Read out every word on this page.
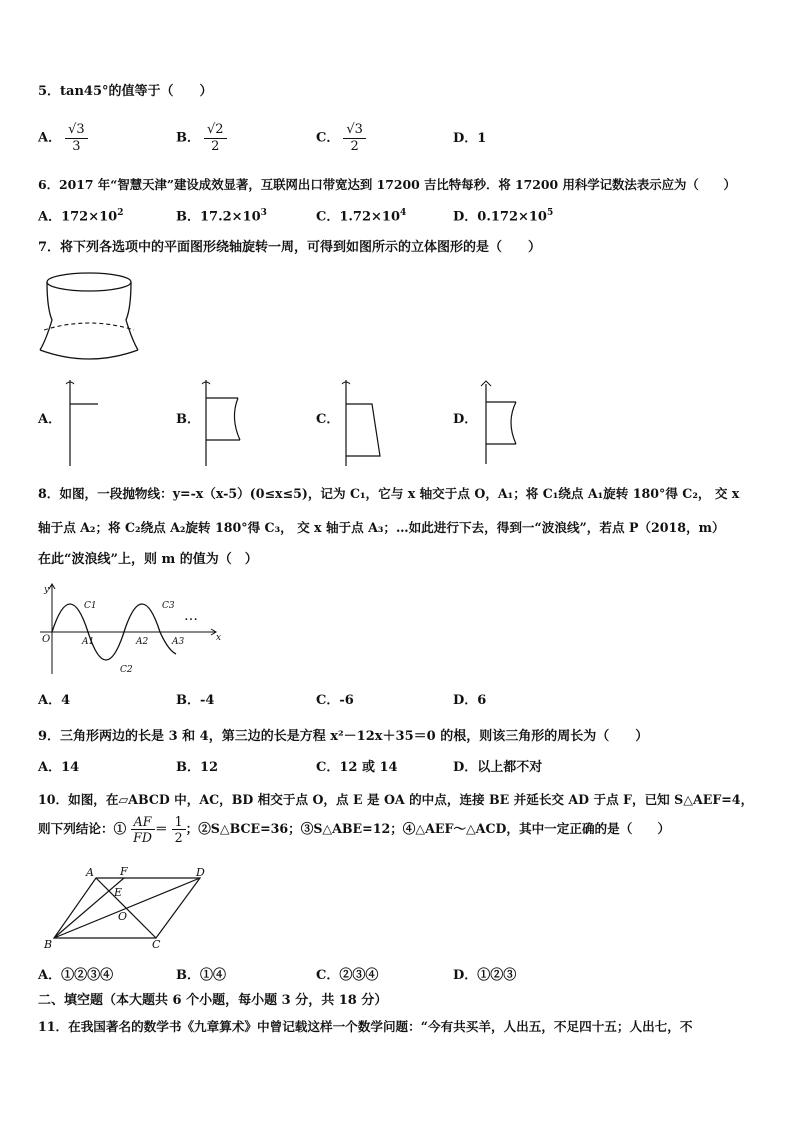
5．tan45°的值等于（　　）
A． $\frac{√3}{3}$	B． $\frac{√2}{2}$	C． $\frac{√3}{2}$	D．1
6．2017 年“智慧天津”建设成效显著，互联网出口带宽达到 17200 吉比特每秒．将 17200 用科学记数法表示应为（　　）
A．$172\times 10^2$	B．$17.2\times 10^3$	C．$1.72\times 10^4$	D．$0.172\times 10^5$
7．将下列各选项中的平面图形绕轴旋转一周，可得到如图所示的立体图形的是（　　）
A．	B．	C．	D．
8．如图，一段抛物线：y=-x（x-5）(0≤x≤5)，记为 C₁，它与 x 轴交于点 O，A₁；将 C₁绕点 A₁旋转 180°得 C₂， 交 x
轴于点 A₂；将 C₂绕点 A₂旋转 180°得 C₃， 交 x 轴于点 A₃；…如此进行下去，得到一“波浪线”，若点 P（2018，m）
在此“波浪线”上，则 m 的值为（　）
y
x
O	A1	A2	A3
C1
C2
C3
…
A．4	B．-4	C．-6	D．6
9．三角形两边的长是 3 和 4，第三边的长是方程 x²－12x＋35＝0 的根，则该三角形的周长为（　　）
A．14	B．12	C．12 或 14	D．以上都不对
10．如图，在▱ABCD 中，AC，BD 相交于点 O，点 E 是 OA 的中点，连接 BE 并延长交 AD 于点 F，已知 S△AEF=4，
则下列结论：① $\frac{AF}{FD} = \frac{1}{2}$ ；②S△BCE=36；③S△ABE=12；④△AEF～△ACD，其中一定正确的是（　　）
A F	D
E
O
B	C
A．①②③④	B．①④	C．②③④	D．①②③
二、填空题（本大题共 6 个小题，每小题 3 分，共 18 分）
11．在我国著名的数学书《九章算术》中曾记载这样一个数学问题：“今有共买羊，人出五，不足四十五；人出七，不
